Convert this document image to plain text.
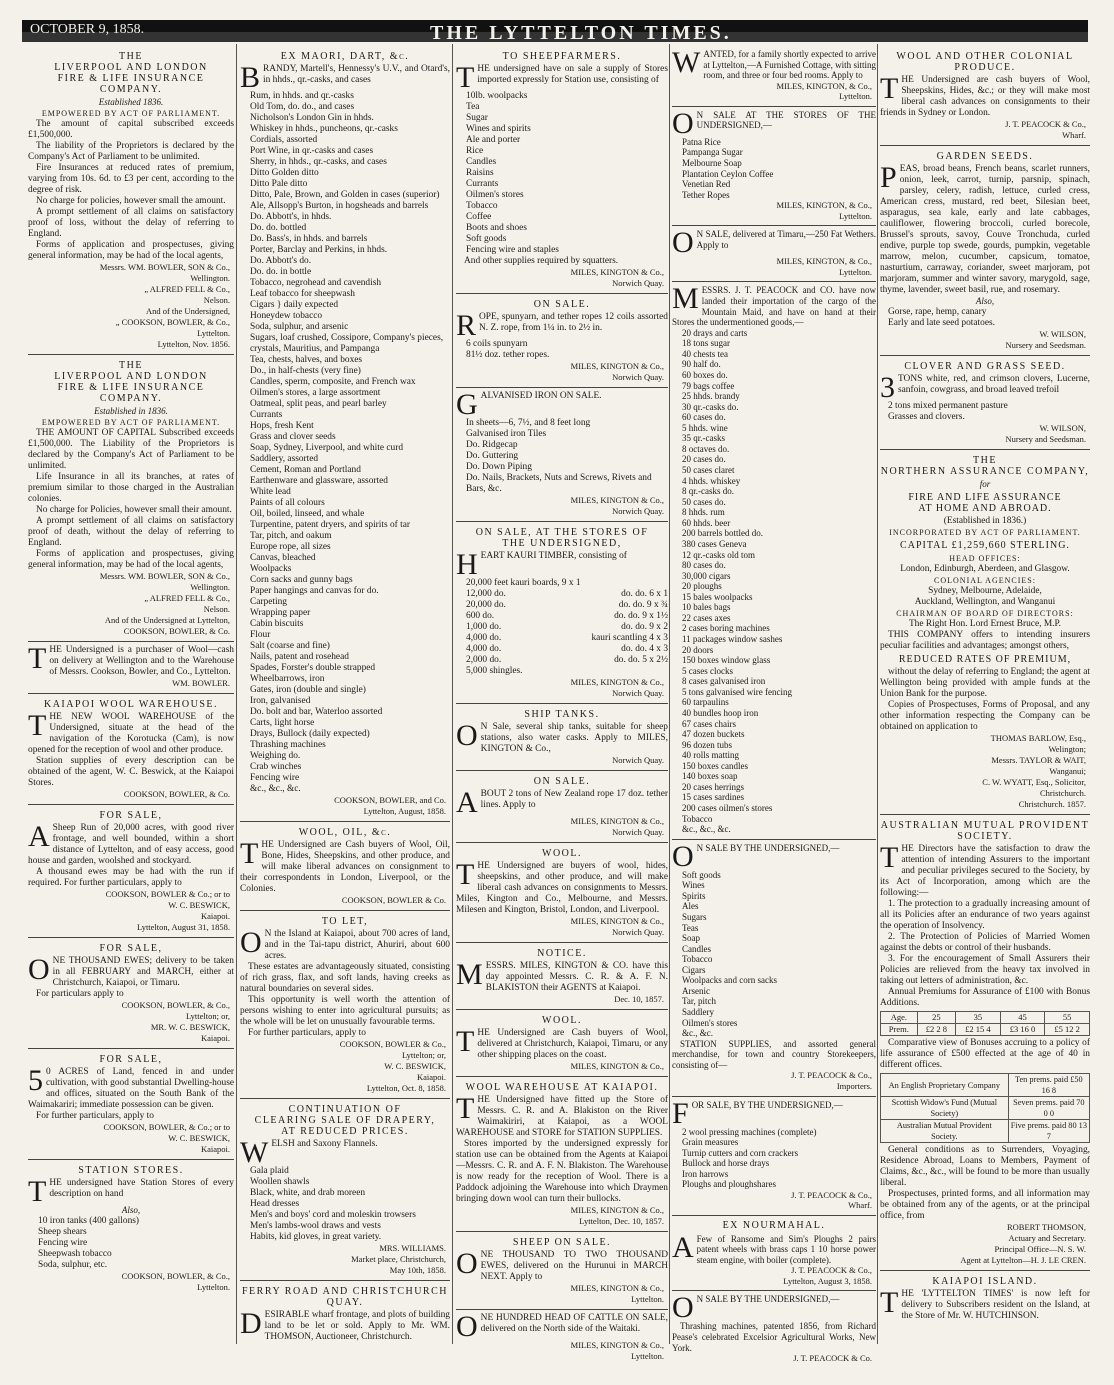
OCTOBER 9, 1858.	THE LYTTELTON TIMES.
THE
LIVERPOOL AND LONDON
FIRE & LIFE INSURANCE COMPANY.
Established 1836.
EMPOWERED BY ACT OF PARLIAMENT.
The amount of capital subscribed exceeds £1,500,000.
The liability of the Proprietors is declared by the Company's Act of Parliament to be unlimited.
Fire Insurances at reduced rates of premium, varying from 10s. 6d. to £3 per cent, according to the degree of risk.
No charge for policies, however small the amount.
A prompt settlement of all claims on satisfactory proof of loss, without the delay of referring to England.
Forms of application and prospectuses, giving general information, may be had of the local agents,
Messrs. WM. BOWLER, SON & Co.,
Wellington.
„ ALFRED FELL & Co.,
Nelson.
And of the Undersigned,
„ COOKSON, BOWLER, & Co.,
Lyttelton.
Lyttelton, Nov. 1856.
THE
LIVERPOOL AND LONDON
FIRE & LIFE INSURANCE COMPANY.
Established in 1836.
EMPOWERED BY ACT OF PARLIAMENT.
THE AMOUNT OF CAPITAL Subscribed exceeds £1,500,000. The Liability of the Proprietors is declared by the Company's Act of Parliament to be unlimited.
Life Insurance in all its branches, at rates of premium similar to those charged in the Australian colonies.
No charge for Policies, however small their amount.
A prompt settlement of all claims on satisfactory proof of death, without the delay of referring to England.
Forms of application and prospectuses, giving general information, may be had of the local agents,
Messrs. WM. BOWLER, SON & Co.,
Wellington.
„ ALFRED FELL & Co.,
Nelson.
And of the Undersigned at Lyttelton,
COOKSON, BOWLER, & Co.
THE Undersigned is a purchaser of Wool—cash on delivery at Wellington and to the Warehouse of Messrs. Cookson, Bowler, and Co., Lyttelton.
WM. BOWLER.
KAIAPOI WOOL WAREHOUSE.
THE NEW WOOL WAREHOUSE of the Undersigned, situate at the head of the navigation of the Korotucka (Cam), is now opened for the reception of wool and other produce.
Station supplies of every description can be obtained of the agent, W. C. Beswick, at the Kaiapoi Stores.
COOKSON, BOWLER, & Co.
FOR SALE,
A Sheep Run of 20,000 acres, with good river frontage, and well bounded, within a short distance of Lyttelton, and of easy access, good house and garden, woolshed and stockyard.
A thousand ewes may be had with the run if required. For further particulars, apply to
COOKSON, BOWLER & Co.; or to
W. C. BESWICK,
Kaiapoi.
Lyttelton, August 31, 1858.
FOR SALE,
ONE THOUSAND EWES; delivery to be taken in all FEBRUARY and MARCH, either at Christchurch, Kaiapoi, or Timaru.
For particulars apply to
COOKSON, BOWLER, & Co.,
Lyttelton; or,
MR. W. C. BESWICK,
Kaiapoi.
FOR SALE,
5 0 ACRES of Land, fenced in and under cultivation, with good substantial Dwelling-house and offices, situated on the South Bank of the Waimakariri; immediate possession can be given.
For further particulars, apply to
COOKSON, BOWLER, & Co.; or to
W. C. BESWICK,
Kaiapoi.
STATION STORES.
THE undersigned have Station Stores of every description on hand
Also,
10 iron tanks (400 gallons)
Sheep shears
Fencing wire
Sheepwash tobacco
Soda, sulphur, etc.
COOKSON, BOWLER, & Co.,
Lyttelton.
EX MAORI, DART, &c.
BRANDY, Martell's, Hennessy's U.V., and Otard's, in hhds., qr.-casks, and cases
Rum, in hhds. and qr.-casks
Old Tom, do. do., and cases
Nicholson's London Gin in hhds.
Whiskey in hhds., puncheons, qr.-casks
Cordials, assorted
Port Wine, in qr.-casks and cases
Sherry, in hhds., qr.-casks, and cases
Ditto Golden ditto
Ditto Pale ditto
Ditto, Pale, Brown, and Golden in cases (superior)
Ale, Allsopp's Burton, in hogsheads and barrels
Do. Abbott's, in hhds.
Do. do. bottled
Do. Bass's, in hhds. and barrels
Porter, Barclay and Perkins, in hhds.
Do. Abbott's do.
Do. do. in bottle
Tobacco, negrohead and cavendish
Leaf tobacco for sheepwash
Cigars } daily expected
Honeydew tobacco
Soda, sulphur, and arsenic
Sugars, loaf crushed, Cossipore, Company's pieces, crystals, Mauritius, and Pampanga
Tea, chests, halves, and boxes
Do., in half-chests (very fine)
Candles, sperm, composite, and French wax
Oilmen's stores, a large assortment
Oatmeal, split peas, and pearl barley
Currants
Hops, fresh Kent
Grass and clover seeds
Soap, Sydney, Liverpool, and white curd
Saddlery, assorted
Cement, Roman and Portland
Earthenware and glassware, assorted
White lead
Paints of all colours
Oil, boiled, linseed, and whale
Turpentine, patent dryers, and spirits of tar
Tar, pitch, and oakum
Europe rope, all sizes
Canvas, bleached
Woolpacks
Corn sacks and gunny bags
Paper hangings and canvas for do.
Carpeting
Wrapping paper
Cabin biscuits
Flour
Salt (coarse and fine)
Nails, patent and rosehead
Spades, Forster's double strapped
Wheelbarrows, iron
Gates, iron (double and single)
Iron, galvanised
Do. bolt and bar, Waterloo assorted
Carts, light horse
Drays, Bullock (daily expected)
Thrashing machines
Weighing do.
Crab winches
Fencing wire
&c., &c., &c.
COOKSON, BOWLER, and Co.
Lyttelton, August, 1858.
WOOL, OIL, &c.
THE Undersigned are Cash buyers of Wool, Oil, Bone, Hides, Sheepskins, and other produce, and will make liberal advances on consignment to their correspondents in London, Liverpool, or the Colonies.
COOKSON, BOWLER & Co.
TO LET,
O N the Island at Kaiapoi, about 700 acres of land, and in the Tai-tapu district, Ahuriri, about 600 acres.
These estates are advantageously situated, consisting of rich grass, flax, and soft lands, having creeks as natural boundaries on several sides.
This opportunity is well worth the attention of persons wishing to enter into agricultural pursuits; as the whole will be let on unusually favourable terms.
For further particulars, apply to
COOKSON, BOWLER & Co.,
Lyttelton; or,
W. C. BESWICK,
Kaiapoi.
Lyttelton, Oct. 8, 1858.
CONTINUATION OF
CLEARING SALE OF DRAPERY,
AT REDUCED PRICES.
WELSH and Saxony Flannels.
Gala plaid
Woollen shawls
Black, white, and drab moreen
Head dresses
Men's and boys' cord and moleskin trowsers
Men's lambs-wool draws and vests
Habits, kid gloves, in great variety.
MRS. WILLIAMS.
Market place, Christchurch,
May 10th, 1858.
FERRY ROAD AND CHRISTCHURCH
QUAY.
DESIRABLE wharf frontage, and plots of building land to be let or sold. Apply to Mr. WM. THOMSON, Auctioneer, Christchurch.
TO SHEEPFARMERS.
THE undersigned have on sale a supply of Stores imported expressly for Station use, consisting of
10lb. woolpacks
Tea
Sugar
Wines and spirits
Ale and porter
Rice
Candles
Raisins
Currants
Oilmen's stores
Tobacco
Coffee
Boots and shoes
Soft goods
Fencing wire and staples
And other supplies required by squatters.
MILES, KINGTON & Co.,
Norwich Quay.
ON SALE.
ROPE, spunyarn, and tether ropes 12 coils assorted N. Z. rope, from 1¼ in. to 2½ in.
6 coils spunyarn
81½ doz. tether ropes.
MILES, KINGTON & Co.,
Norwich Quay.
GALVANISED IRON ON SALE.
In sheets—6, 7½, and 8 feet long
Galvanised iron Tiles
Do. Ridgecap
Do. Guttering
Do. Down Piping
Do. Nails, Brackets, Nuts and Screws, Rivets and Bars, &c.
MILES, KINGTON & Co.,
Norwich Quay.
ON SALE, AT THE STORES OF
THE UNDERSIGNED,
HEART KAURI TIMBER, consisting of
20,000 feet kauri boards, 9 x 1
12,000 do.	do. do. 6 x 1
20,000 do.	do. do. 9 x ¾
600 do.	do. do. 9 x 1½
1,000 do.	do. do. 9 x 2
4,000 do.	kauri scantling 4 x 3
4,000 do.	do. do. 4 x 3
2,000 do.	do. do. 5 x 2½
5,000 shingles.
MILES, KINGTON & Co.,
Norwich Quay.
SHIP TANKS.
O N Sale, several ship tanks, suitable for sheep stations, also water casks. Apply to MILES, KINGTON & Co.,
Norwich Quay.
ON SALE.
ABOUT 2 tons of New Zealand rope 17 doz. tether lines. Apply to
MILES, KINGTON & Co.,
Norwich Quay.
WOOL.
THE Undersigned are buyers of wool, hides, sheepskins, and other produce, and will make liberal cash advances on consignments to Messrs. Miles, Kington and Co., Melbourne, and Messrs. Milesen and Kington, Bristol, London, and Liverpool.
MILES, KINGTON & Co.,
Norwich Quay.
NOTICE.
MESSRS. MILES, KINGTON & CO. have this day appointed Messrs. C. R. & A. F. N. BLAKISTON their AGENTS at Kaiapoi.
Dec. 10, 1857.
WOOL.
THE Undersigned are Cash buyers of Wool, delivered at Christchurch, Kaiapoi, Timaru, or any other shipping places on the coast.
MILES, KINGTON & Co.,
WOOL WAREHOUSE AT KAIAPOI.
THE Undersigned have fitted up the Store of Messrs. C. R. and A. Blakiston on the River Waimakiriri, at Kaiapoi, as a WOOL WAREHOUSE and STORE for STATION SUPPLIES.
Stores imported by the undersigned expressly for station use can be obtained from the Agents at Kaiapoi—Messrs. C. R. and A. F. N. Blakiston. The Warehouse is now ready for the reception of Wool. There is a Paddock adjoining the Warehouse into which Draymen bringing down wool can turn their bullocks.
MILES, KINGTON & Co.,
Lyttelton, Dec. 10, 1857.
SHEEP ON SALE.
ONE THOUSAND TO TWO THOUSAND EWES, delivered on the Hurunui in MARCH NEXT. Apply to
MILES, KINGTON & Co.,
Lyttelton.
ONE HUNDRED HEAD OF CATTLE ON SALE, delivered on the North side of the Waitaki.
MILES, KINGTON & Co.,
Lyttelton.
WANTED, for a family shortly expected to arrive at Lyttelton,—A Furnished Cottage, with sitting room, and three or four bed rooms. Apply to
MILES, KINGTON, & Co.,
Lyttelton.
O N SALE AT THE STORES OF THE UNDERSIGNED,—
Patna Rice
Pampanga Sugar
Melbourne Soap
Plantation Ceylon Coffee
Venetian Red
Tether Ropes
MILES, KINGTON, & Co.,
Lyttelton.
O N SALE, delivered at Timaru,—250 Fat Wethers. Apply to
MILES, KINGTON, & Co.,
Lyttelton.
MESSRS. J. T. PEACOCK and CO. have now landed their importation of the cargo of the Mountain Maid, and have on hand at their Stores the undermentioned goods,—
20 drays and carts
18 tons sugar
40 chests tea
90 half do.
60 boxes do.
79 bags coffee
25 hhds. brandy
30 qr.-casks do.
60 cases do.
5 hhds. wine
35 qr.-casks
8 octaves do.
20 cases do.
50 cases claret
4 hhds. whiskey
8 qr.-casks do.
50 cases do.
8 hhds. rum
60 hhds. beer
200 barrels bottled do.
380 cases Geneva
12 qr.-casks old tom
80 cases do.
30,000 cigars
20 ploughs
15 bales woolpacks
10 bales bags
22 cases axes
2 cases boring machines
11 packages window sashes
20 doors
150 boxes window glass
5 cases clocks
8 cases galvanised iron
5 tons galvanised wire fencing
60 tarpaulins
40 bundles hoop iron
67 cases chairs
47 dozen buckets
96 dozen tubs
40 rolls matting
150 boxes candles
140 boxes soap
20 cases herrings
15 cases sardines
200 cases oilmen's stores
Tobacco
&c., &c., &c.
O N SALE BY THE UNDERSIGNED,—
Soft goods
Wines
Spirits
Ales
Sugars
Teas
Soap
Candles
Tobacco
Cigars
Woolpacks and corn sacks
Arsenic
Tar, pitch
Saddlery
Oilmen's stores
&c., &c.
STATION SUPPLIES, and assorted general merchandise, for town and country Storekeepers, consisting of—
J. T. PEACOCK & Co.,
Importers.
FOR SALE, BY THE UNDERSIGNED,—
2 wool pressing machines (complete)
Grain measures
Turnip cutters and corn crackers
Bullock and horse drays
Iron harrows
Ploughs and ploughshares
J. T. PEACOCK & Co.,
Wharf.
EX NOURMAHAL.
A Few of Ransome and Sim's Ploughs 2 pairs patent wheels with brass caps 1 10 horse power steam engine, with boiler (complete).
J. T. PEACOCK & Co.,
Lyttelton, August 3, 1858.
O N SALE BY THE UNDERSIGNED,—
Thrashing machines, patented 1856, from Richard Pease's celebrated Excelsior Agricultural Works, New York.
J. T. PEACOCK & Co.
WOOL AND OTHER COLONIAL
PRODUCE.
THE Undersigned are cash buyers of Wool, Sheepskins, Hides, &c.; or they will make most liberal cash advances on consignments to their friends in Sydney or London.
J. T. PEACOCK & Co.,
Wharf.
GARDEN SEEDS.
PEAS, broad beans, French beans, scarlet runners, onion, leek, carrot, turnip, parsnip, spinach, parsley, celery, radish, lettuce, curled cress, American cress, mustard, red beet, Silesian beet, asparagus, sea kale, early and late cabbages, cauliflower, flowering broccoli, curled borecole, Brussel's sprouts, savoy, Couve Tronchuda, curled endive, purple top swede, gourds, pumpkin, vegetable marrow, melon, cucumber, capsicum, tomatoe, nasturtium, carraway, coriander, sweet marjoram, pot marjoram, summer and winter savory, marygold, sage, thyme, lavender, sweet basil, rue, and rosemary.
Also,
Gorse, rape, hemp, canary
Early and late seed potatoes.
W. WILSON,
Nursery and Seedsman.
CLOVER AND GRASS SEED.
3 TONS white, red, and crimson clovers, Lucerne, sanfoin, cowgrass, and broad leaved trefoil
2 tons mixed permanent pasture
Grasses and clovers.
W. WILSON,
Nursery and Seedsman.
THE
NORTHERN ASSURANCE COMPANY,
for
FIRE AND LIFE ASSURANCE
AT HOME AND ABROAD.
(Established in 1836.)
INCORPORATED BY ACT OF PARLIAMENT.
CAPITAL £1,259,660 STERLING.
HEAD OFFICES:
London, Edinburgh, Aberdeen, and Glasgow.
COLONIAL AGENCIES:
Sydney, Melbourne, Adelaide,
Auckland, Wellington, and Wanganui
CHAIRMAN OF BOARD OF DIRECTORS:
The Right Hon. Lord Ernest Bruce, M.P.
THIS COMPANY offers to intending insurers peculiar facilities and advantages; amongst others,
REDUCED RATES OF PREMIUM,
without the delay of referring to England; the agent at Wellington being provided with ample funds at the Union Bank for the purpose.
Copies of Prospectuses, Forms of Proposal, and any other information respecting the Company can be obtained on application to
THOMAS BARLOW, Esq.,
Welington;
Messrs. TAYLOR & WAIT,
Wanganui;
C. W. WYATT, Esq., Solicitor,
Christchurch.
Christchurch. 1857.
AUSTRALIAN MUTUAL PROVIDENT
SOCIETY.
THE Directors have the satisfaction to draw the attention of intending Assurers to the important and peculiar privileges secured to the Society, by its Act of Incorporation, among which are the following:—
1. The protection to a gradually increasing amount of all its Policies after an endurance of two years against the operation of Insolvency.
2. The Protection of Policies of Married Women against the debts or control of their husbands.
3. For the encouragement of Small Assurers their Policies are relieved from the heavy tax involved in taking out letters of administration, &c.
Annual Premiums for Assurance of £100 with Bonus Additions.
Age.	25	35	45	55
Prem.	£2 2 8	£2 15 4	£3 16 0	£5 12 2
Comparative view of Bonuses accruing to a policy of life assurance of £500 effected at the age of 40 in different offices.
An English Proprietary Company	Ten prems. paid £50 16 8
Scottish Widow's Fund (Mutual Society)	Seven prems. paid 70 0 0
Australian Mutual Provident Society.	Five prems. paid 80 13 7
General conditions as to Surrenders, Voyaging, Residence Abroad, Loans to Members, Payment of Claims, &c., &c., will be found to be more than usually liberal.
Prospectuses, printed forms, and all information may be obtained from any of the agents, or at the principal office, from
ROBERT THOMSON,
Actuary and Secretary.
Principal Office—N. S. W.
Agent at Lyttelton—H. J. LE CREN.
KAIAPOI ISLAND.
THE 'LYTTELTON TIMES' is now left for delivery to Subscribers resident on the Island, at the Store of Mr. W. HUTCHINSON.
